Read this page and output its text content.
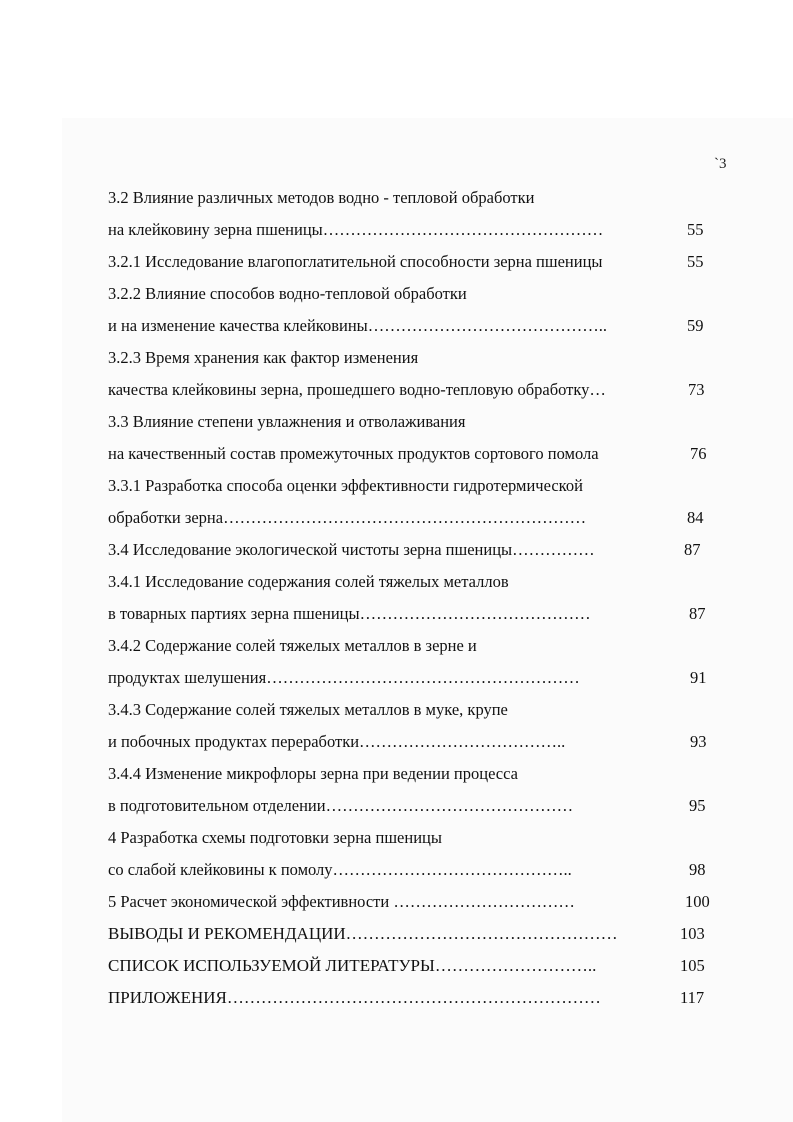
`3
3.2 Влияние различных методов водно - тепловой обработки
на клейковину зерна пшеницы……………………………………………	55
3.2.1 Исследование влагопоглатительной способности зерна пшеницы	55
3.2.2 Влияние способов водно-тепловой обработки
и на изменение качества клейковины……………………………………..	59
3.2.3 Время хранения как фактор изменения
качества клейковины зерна, прошедшего водно-тепловую обработку…	73
3.3 Влияние степени увлажнения и отволаживания
на качественный состав промежуточных продуктов сортового помола	76
3.3.1 Разработка способа оценки эффективности гидротермической
обработки зерна…………………………………………………………	84
3.4 Исследование экологической чистоты зерна пшеницы……………	87
3.4.1 Исследование содержания солей тяжелых металлов
в товарных партиях зерна пшеницы……………………………………	87
3.4.2 Содержание солей тяжелых металлов в зерне и
продуктах шелушения…………………………………………………	91
3.4.3 Содержание солей тяжелых металлов в муке, крупе
и побочных продуктах переработки………………………………..	93
3.4.4 Изменение микрофлоры зерна при ведении процесса
в подготовительном отделении………………………………………	95
4 Разработка схемы подготовки зерна пшеницы
со слабой клейковины к помолу……………………………………..	98
5 Расчет экономической эффективности ……………………………	100
ВЫВОДЫ И РЕКОМЕНДАЦИИ…………………………………………	103
СПИСОК ИСПОЛЬЗУЕМОЙ ЛИТЕРАТУРЫ………………………..	105
ПРИЛОЖЕНИЯ…………………………………………………………	117
